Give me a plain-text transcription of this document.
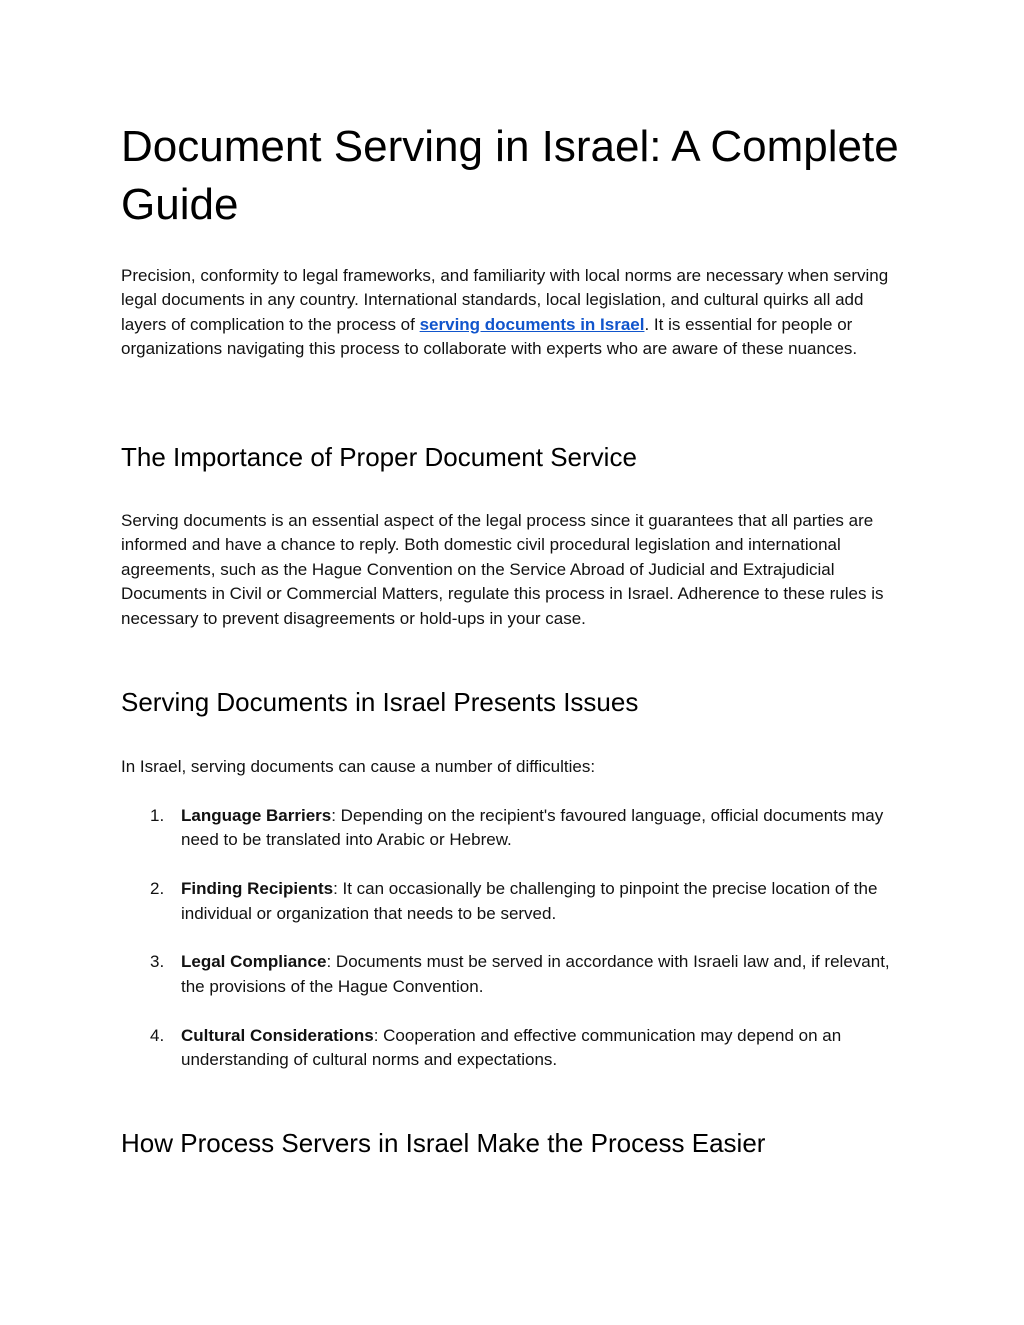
Document Serving in Israel: A Complete Guide

Precision, conformity to legal frameworks, and familiarity with local norms are necessary when serving legal documents in any country. International standards, local legislation, and cultural quirks all add layers of complication to the process of serving documents in Israel. It is essential for people or organizations navigating this process to collaborate with experts who are aware of these nuances.

The Importance of Proper Document Service

Serving documents is an essential aspect of the legal process since it guarantees that all parties are informed and have a chance to reply. Both domestic civil procedural legislation and international agreements, such as the Hague Convention on the Service Abroad of Judicial and Extrajudicial Documents in Civil or Commercial Matters, regulate this process in Israel. Adherence to these rules is necessary to prevent disagreements or hold-ups in your case.

Serving Documents in Israel Presents Issues

In Israel, serving documents can cause a number of difficulties:

1. Language Barriers: Depending on the recipient's favoured language, official documents may need to be translated into Arabic or Hebrew.
2. Finding Recipients: It can occasionally be challenging to pinpoint the precise location of the individual or organization that needs to be served.
3. Legal Compliance: Documents must be served in accordance with Israeli law and, if relevant, the provisions of the Hague Convention.
4. Cultural Considerations: Cooperation and effective communication may depend on an understanding of cultural norms and expectations.
How Process Servers in Israel Make the Process Easier
